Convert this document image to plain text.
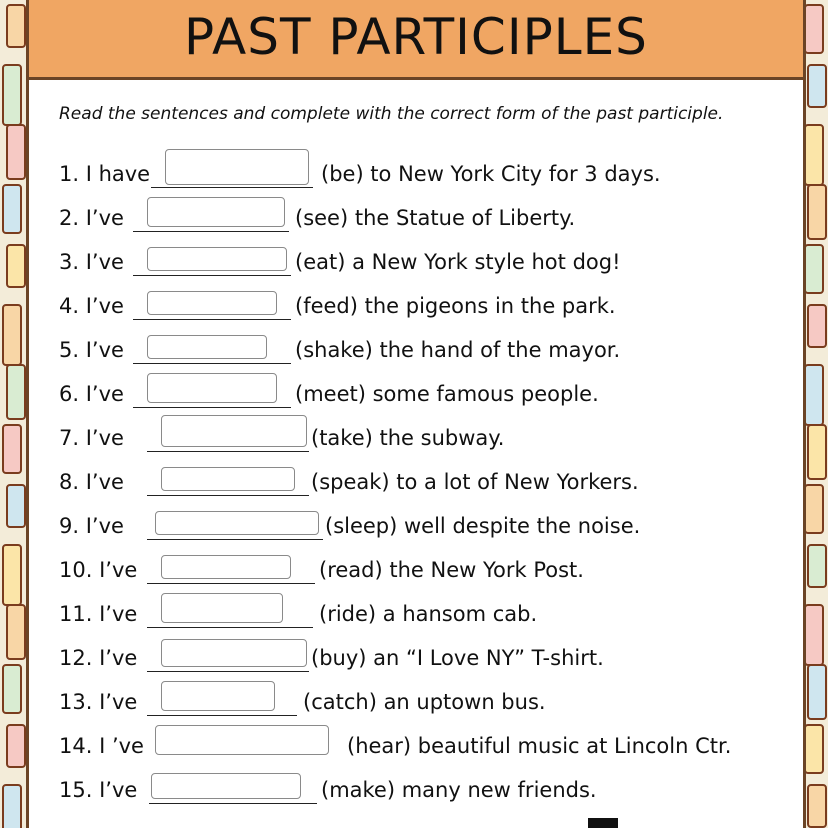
PAST PARTICIPLES
Read the sentences and complete with the correct form of the past participle.
1. I have	(be) to New York City for 3 days.
2. I’ve	(see) the Statue of Liberty.
3. I’ve	(eat) a New York style hot dog!
4. I’ve	(feed) the pigeons in the park.
5. I’ve	(shake) the hand of the mayor.
6. I’ve	(meet) some famous people.
7. I’ve	(take) the subway.
8. I’ve	(speak) to a lot of New Yorkers.
9. I’ve	(sleep) well despite the noise.
10. I’ve	(read) the New York Post.
11. I’ve	(ride) a hansom cab.
12. I’ve	(buy) an “I Love NY” T-shirt.
13. I’ve	(catch) an uptown bus.
14. I ’ve	(hear) beautiful music at Lincoln Ctr.
15. I’ve	(make) many new friends.
